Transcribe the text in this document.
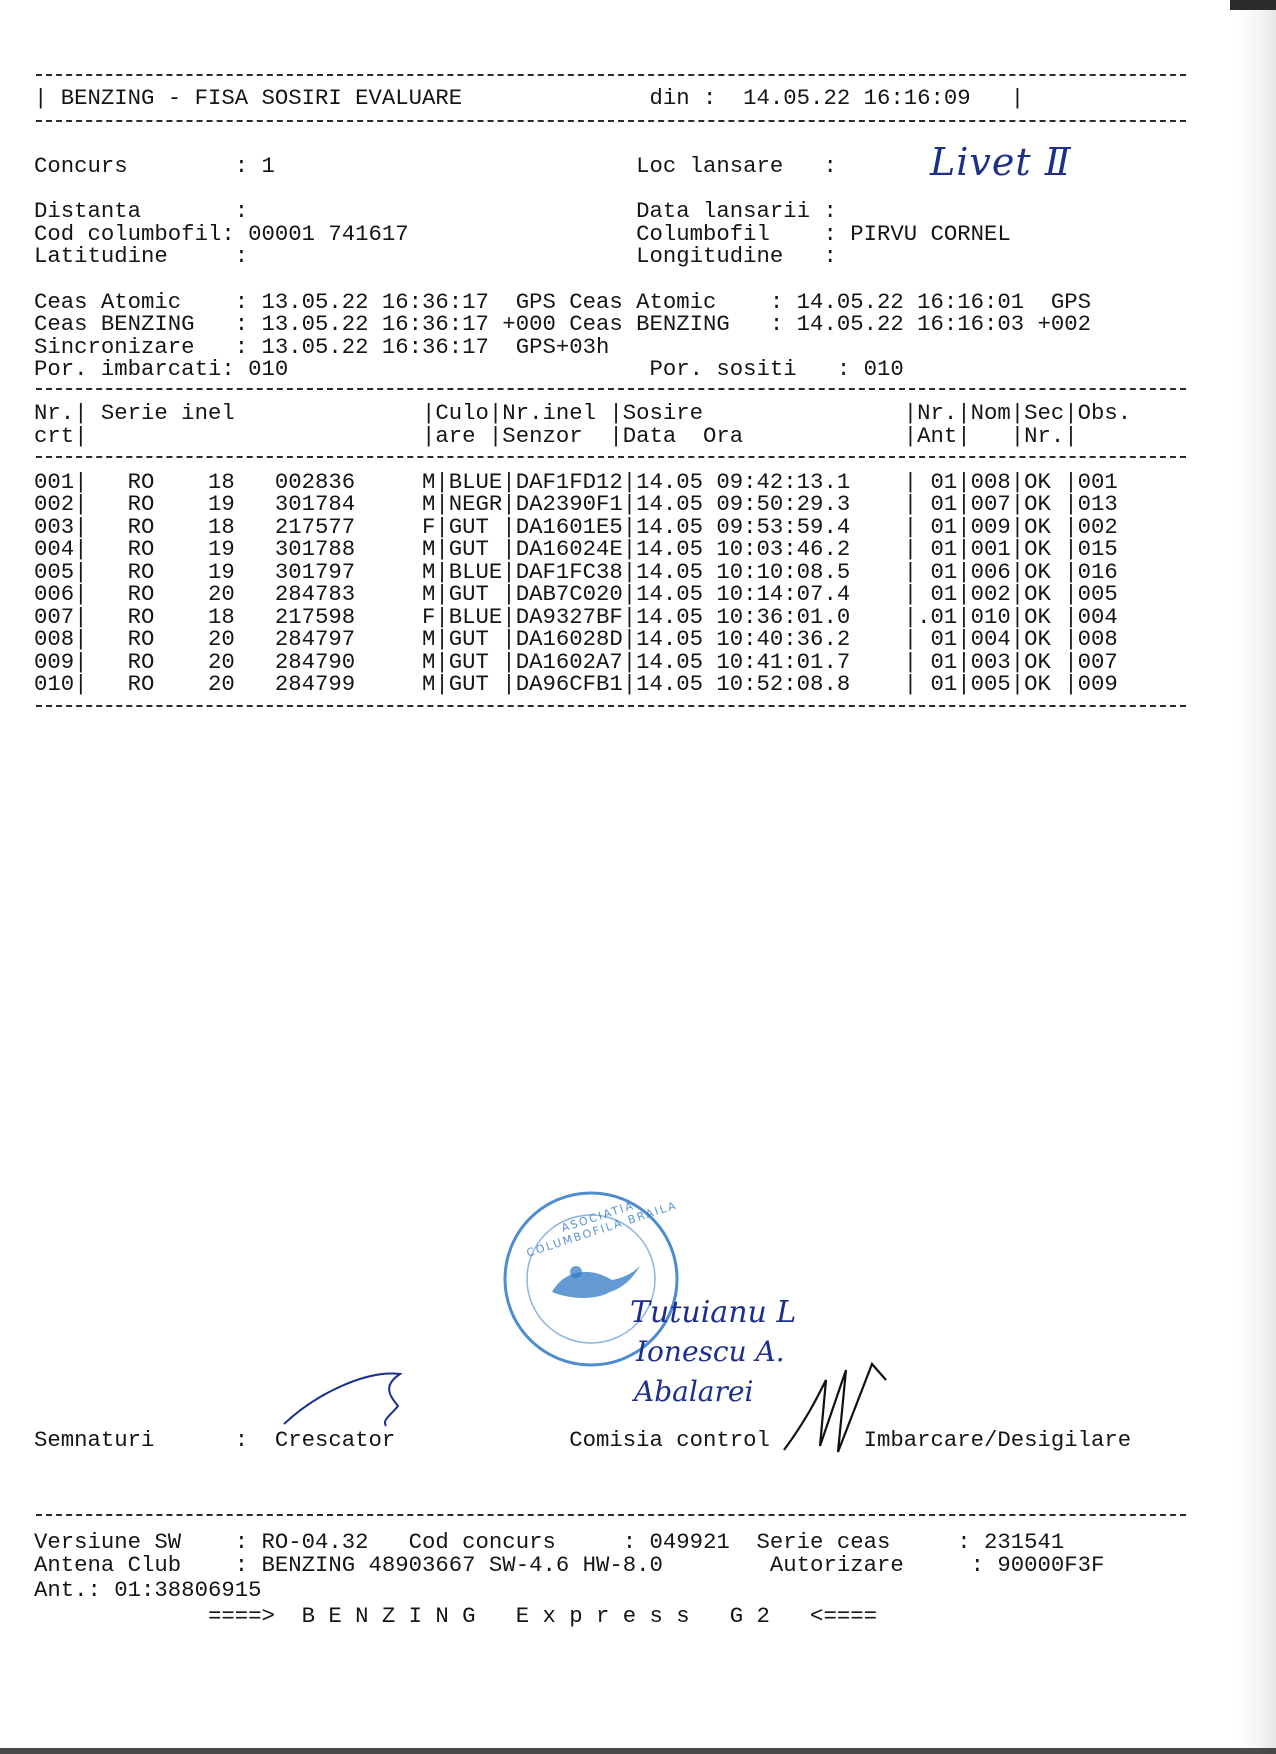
| BENZING - FISA SOSIRI EVALUARE              din :  14.05.22 16:16:09   |
Concurs        : 1                           Loc lansare   : Livet Ⅱ
Distanta       :                             Data lansarii :
Cod columbofil: 00001 741617                 Columbofil    : PIRVU CORNEL
Latitudine     :                             Longitudine   :
Ceas Atomic    : 13.05.22 16:36:17  GPS Ceas Atomic    : 14.05.22 16:16:01  GPS
Ceas BENZING   : 13.05.22 16:36:17 +000 Ceas BENZING   : 14.05.22 16:16:03 +002
Sincronizare   : 13.05.22 16:36:17  GPS+03h
Por. imbarcati: 010                           Por. sositi   : 010
Nr.| Serie inel              |Culo|Nr.inel |Sosire               |Nr.|Nom|Sec|Obs.
crt|                         |are |Senzor  |Data  Ora            |Ant|   |Nr.|
001|   RO    18   002836     M|BLUE|DAF1FD12|14.05 09:42:13.1    | 01|008|OK |001
002|   RO    19   301784     M|NEGR|DA2390F1|14.05 09:50:29.3    | 01|007|OK |013
003|   RO    18   217577     F|GUT |DA1601E5|14.05 09:53:59.4    | 01|009|OK |002
004|   RO    19   301788     M|GUT |DA16024E|14.05 10:03:46.2    | 01|001|OK |015
005|   RO    19   301797     M|BLUE|DAF1FC38|14.05 10:10:08.5    | 01|006|OK |016
006|   RO    20   284783     M|GUT |DAB7C020|14.05 10:14:07.4    | 01|002|OK |005
007|   RO    18   217598     F|BLUE|DA9327BF|14.05 10:36:01.0    |.01|010|OK |004
008|   RO    20   284797     M|GUT |DA16028D|14.05 10:40:36.2    | 01|004|OK |008
009|   RO    20   284790     M|GUT |DA1602A7|14.05 10:41:01.7    | 01|003|OK |007
010|   RO    20   284799     M|GUT |DA96CFB1|14.05 10:52:08.8    | 01|005|OK |009
ASOCIATIA COLUMBOFILA BRAILA
Tutuianu L
Ionescu A.
Abalarei
Semnaturi      :  Crescator             Comisia control       Imbarcare/Desigilare
Versiune SW    : RO-04.32   Cod concurs     : 049921  Serie ceas     : 231541
Antena Club    : BENZING 48903667 SW-4.6 HW-8.0        Autorizare     : 90000F3F
Ant.: 01:38806915
====>  B E N Z I N G   E x p r e s s   G 2   <====
